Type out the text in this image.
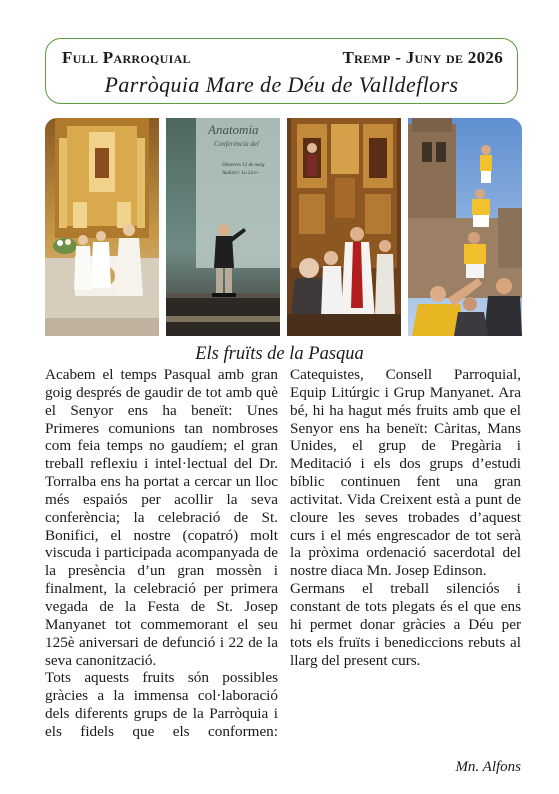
Full Parroquial	Tremp - Juny de 2026
Parròquia Mare de Déu de Valldeflors
Anatomia
Conferència del
Dimecres 12 de maig
Auditori: La Lira -
Els fruïts de la Pasqua

Acabem el temps Pasqual amb gran goig després de gaudir de tot amb què el Senyor ens ha beneït: Unes Primeres comunions tan nombroses com feia temps no gaudíem; el gran treball reflexiu i intel·lectual del Dr. Torralba ens ha portat a cercar un lloc més espaiós per acollir la seva conferència; la celebració de St. Bonifici, el nostre (copatró) molt viscuda i participada acompanyada de la presència d’un gran mossèn i finalment, la celebració per primera vegada de la Festa de St. Josep Manyanet tot commemorant el seu 125è aniversari de defunció i 22 de la seva canonització.

Tots aquests fruits són possibles gràcies a la immensa col·laboració dels diferents grups de la Parròquia i els fidels que els conformen:

Catequistes, Consell Parroquial, Equip Litúrgic i Grup Manyanet. Ara bé, hi ha hagut més fruits amb que el Senyor ens ha beneït: Càritas, Mans Unides, el grup de Pregària i Meditació i els dos grups d’estudi bíblic continuen fent una gran activitat. Vida Creixent està a punt de cloure les seves trobades d’aquest curs i el més engrescador de tot serà la pròxima ordenació sacerdotal del nostre diaca Mn. Josep Edinson.

Germans el treball silenciós i constant de tots plegats és el que ens hi permet donar gràcies a Déu per tots els fruïts i benediccions rebuts al llarg del present curs.

Mn. Alfons
